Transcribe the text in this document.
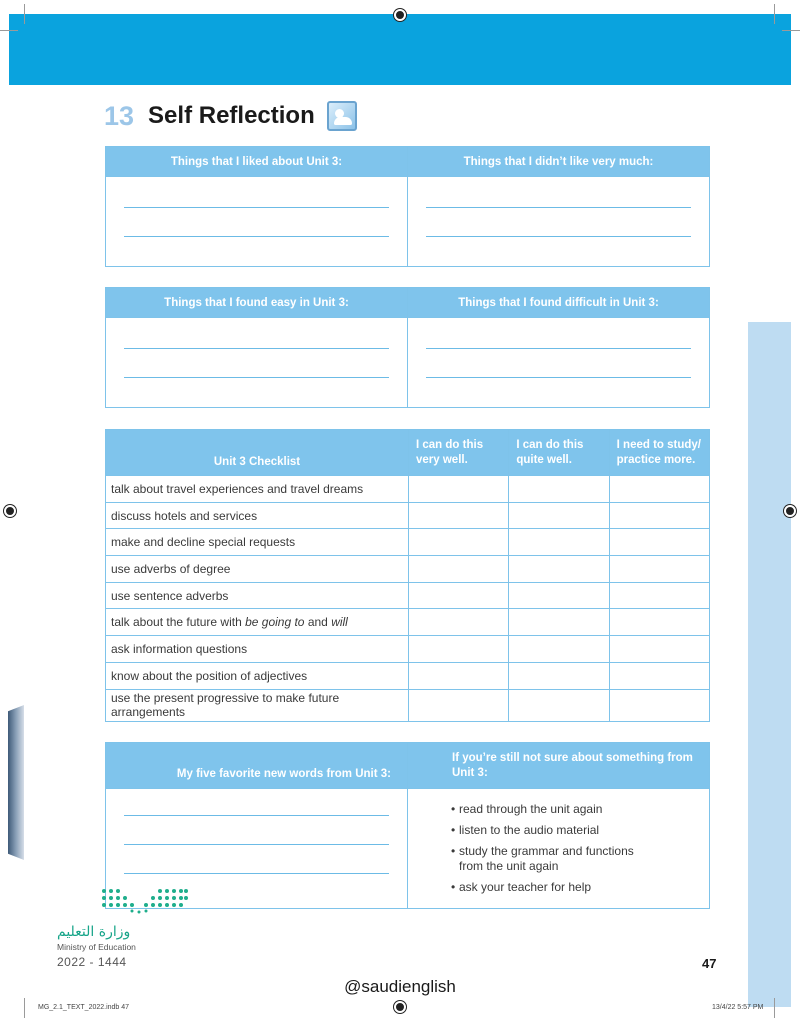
13 Self Reflection
Things that I liked about Unit 3:	Things that I didn’t like very much:

Things that I found easy in Unit 3:	Things that I found difficult in Unit 3:

Unit 3 Checklist	I can do this very well.	I can do this quite well.	I need to study/ practice more.
talk about travel experiences and travel dreams			
discuss hotels and services			
make and decline special requests			
use adverbs of degree			
use sentence adverbs			
talk about the future with be going to and will			
ask information questions			
know about the position of adjectives			
use the present progressive to make future arrangements			
My five favorite new words from Unit 3:	If you’re still not sure about something from Unit 3:

	• read through the unit again
• listen to the audio material
• study the grammar and functions from the unit again
• ask your teacher for help
وزارة التعليم
Ministry of Education
2022 - 1444	47
@saudienglish
MG_2.1_TEXT_2022.indb 47	13/4/22 5:57 PM
